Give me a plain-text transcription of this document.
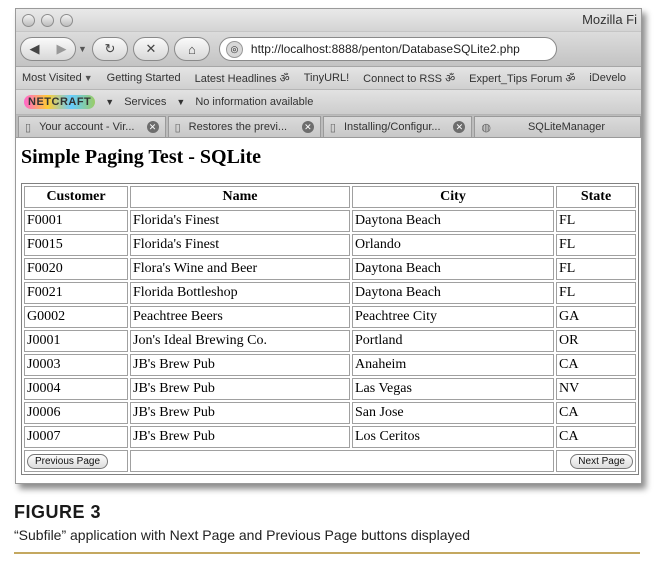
Mozilla Fi
◀ ▶ ▼ ↻ ✕ ⌂	◎	http://localhost:8888/penton/DatabaseSQLite2.php
Most Visited ▼ Getting Started Latest Headlines ॐ TinyURL! Connect to RSS ॐ Expert_Tips Forum ॐ iDevelo
NETCRAFT	▼ Services ▼ No information available
▯ Your account - Vir...	✕ ▯ Restores the previ...	✕ ▯ Installing/Configur...	✕ ◍	SQLiteManager
Simple Paging Test - SQLite
Customer	Name	City	State
F0001	Florida's Finest	Daytona Beach	FL
F0015	Florida's Finest	Orlando	FL
F0020	Flora's Wine and Beer	Daytona Beach	FL
F0021	Florida Bottleshop	Daytona Beach	FL
G0002	Peachtree Beers	Peachtree City	GA
J0001	Jon's Ideal Brewing Co.	Portland	OR
J0003	JB's Brew Pub	Anaheim	CA
J0004	JB's Brew Pub	Las Vegas	NV
J0006	JB's Brew Pub	San Jose	CA
J0007	JB's Brew Pub	Los Ceritos	CA
Previous Page			Next Page
FIGURE 3
“Subfile” application with Next Page and Previous Page buttons displayed
